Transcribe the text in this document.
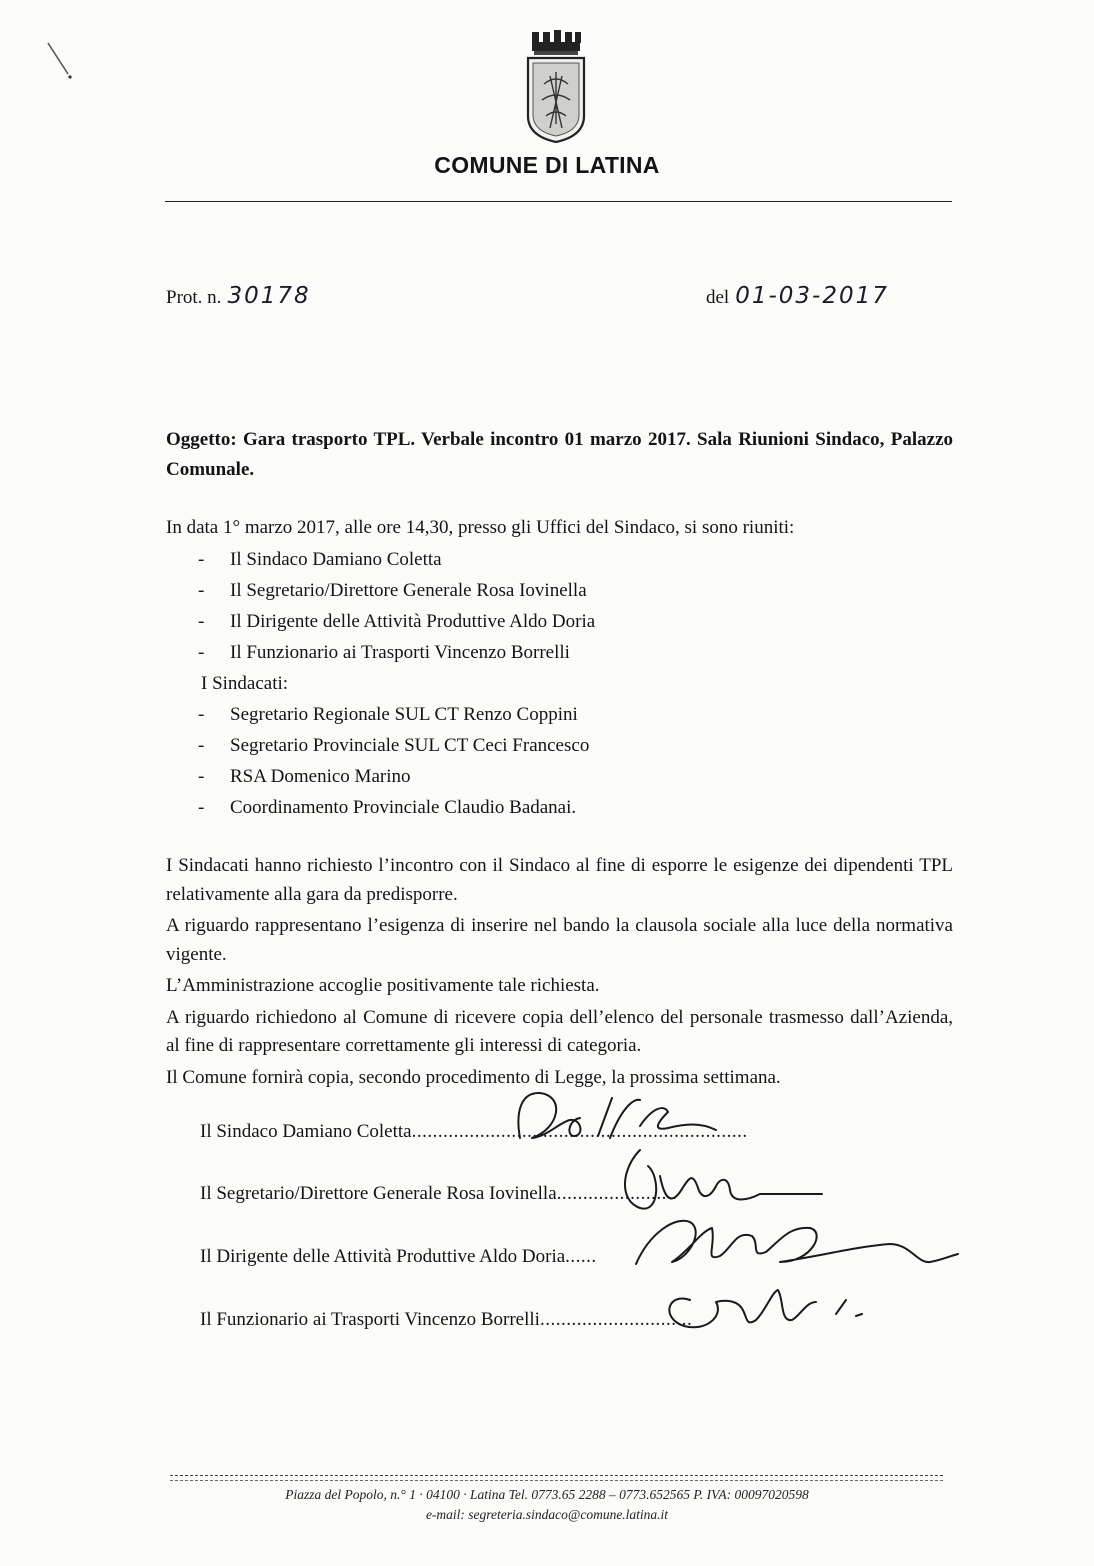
COMUNE DI LATINA
Prot. n. 30178	del 01-03-2017
Oggetto: Gara trasporto TPL. Verbale incontro 01 marzo 2017. Sala Riunioni Sindaco, Palazzo Comunale.
In data 1° marzo 2017, alle ore 14,30, presso gli Uffici del Sindaco, si sono riuniti:
- Il Sindaco Damiano Coletta
- Il Segretario/Direttore Generale Rosa Iovinella
- Il Dirigente delle Attività Produttive Aldo Doria
- Il Funzionario ai Trasporti Vincenzo Borrelli
I Sindacati:
- Segretario Regionale SUL CT Renzo Coppini
- Segretario Provinciale SUL CT Ceci Francesco
- RSA Domenico Marino
- Coordinamento Provinciale Claudio Badanai.

I Sindacati hanno richiesto l’incontro con il Sindaco al fine di esporre le esigenze dei dipendenti TPL relativamente alla gara da predisporre.

A riguardo rappresentano l’esigenza di inserire nel bando la clausola sociale alla luce della normativa vigente.

L’Amministrazione accoglie positivamente tale richiesta.

A riguardo richiedono al Comune di ricevere copia dell’elenco del personale trasmesso dall’Azienda, al fine di rappresentare correttamente gli interessi di categoria.

Il Comune fornirà copia, secondo procedimento di Legge, la prossima settimana.

Il Sindaco Damiano Coletta................................................................
Il Segretario/Direttore Generale Rosa Iovinella.......................
Il Dirigente delle Attività Produttive Aldo Doria......
Il Funzionario ai Trasporti Vincenzo Borrelli.............................
Piazza del Popolo, n.° 1 · 04100 · Latina Tel. 0773.65 2288 – 0773.652565 P. IVA: 00097020598
e-mail: segreteria.sindaco@comune.latina.it
